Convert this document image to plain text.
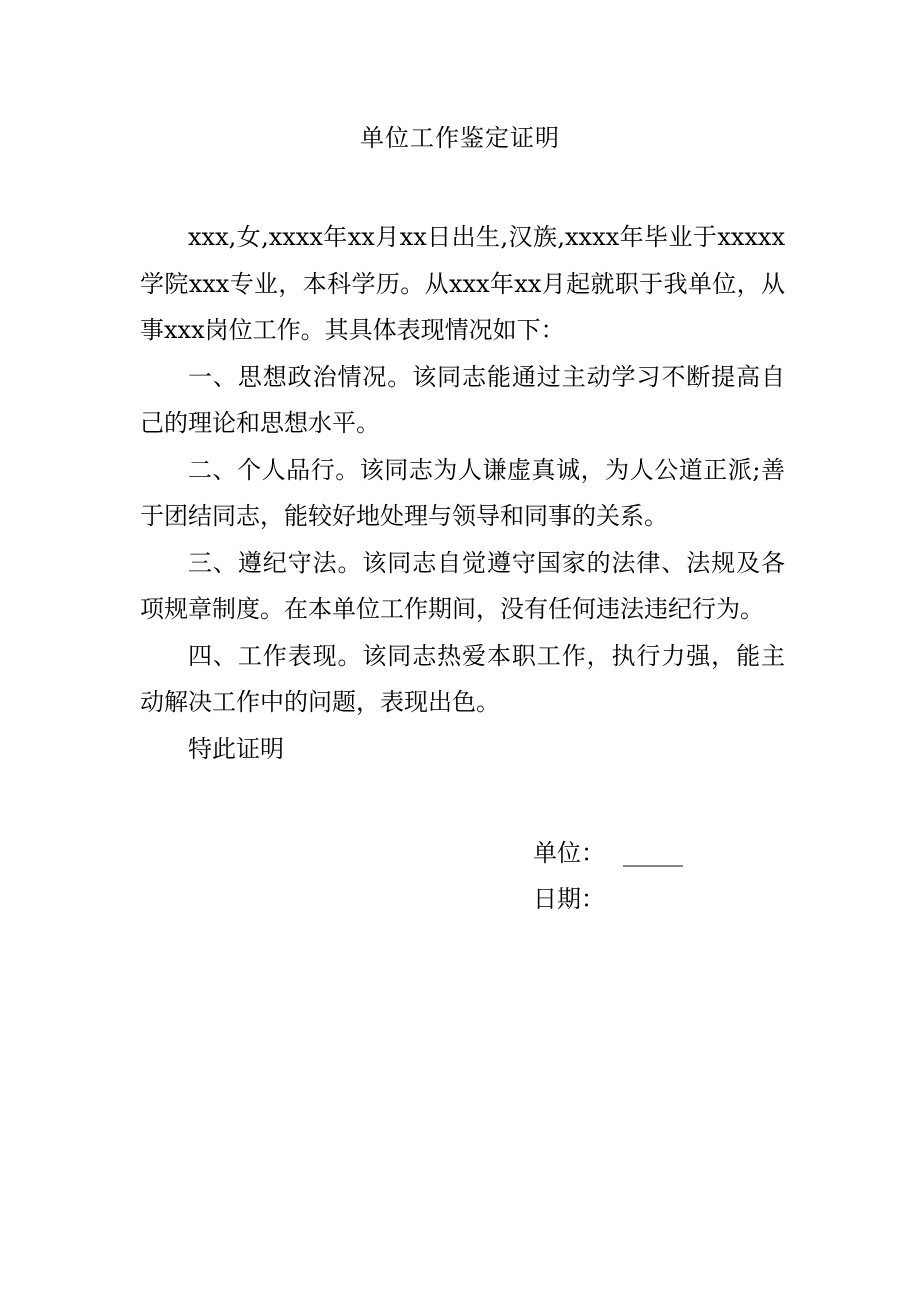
单位工作鉴定证明

xxx,女,xxxx年xx月xx日出生,汉族,xxxx年毕业于xxxxx学院xxx专业，本科学历。从xxx年xx月起就职于我单位，从事xxx岗位工作。其具体表现情况如下：

一、思想政治情况。该同志能通过主动学习不断提高自己的理论和思想水平。

二、个人品行。该同志为人谦虚真诚，为人公道正派;善于团结同志，能较好地处理与领导和同事的关系。

三、遵纪守法。该同志自觉遵守国家的法律、法规及各项规章制度。在本单位工作期间，没有任何违法违纪行为。

四、工作表现。该同志热爱本职工作，执行力强，能主动解决工作中的问题，表现出色。

特此证明

单位： _____
日期：
